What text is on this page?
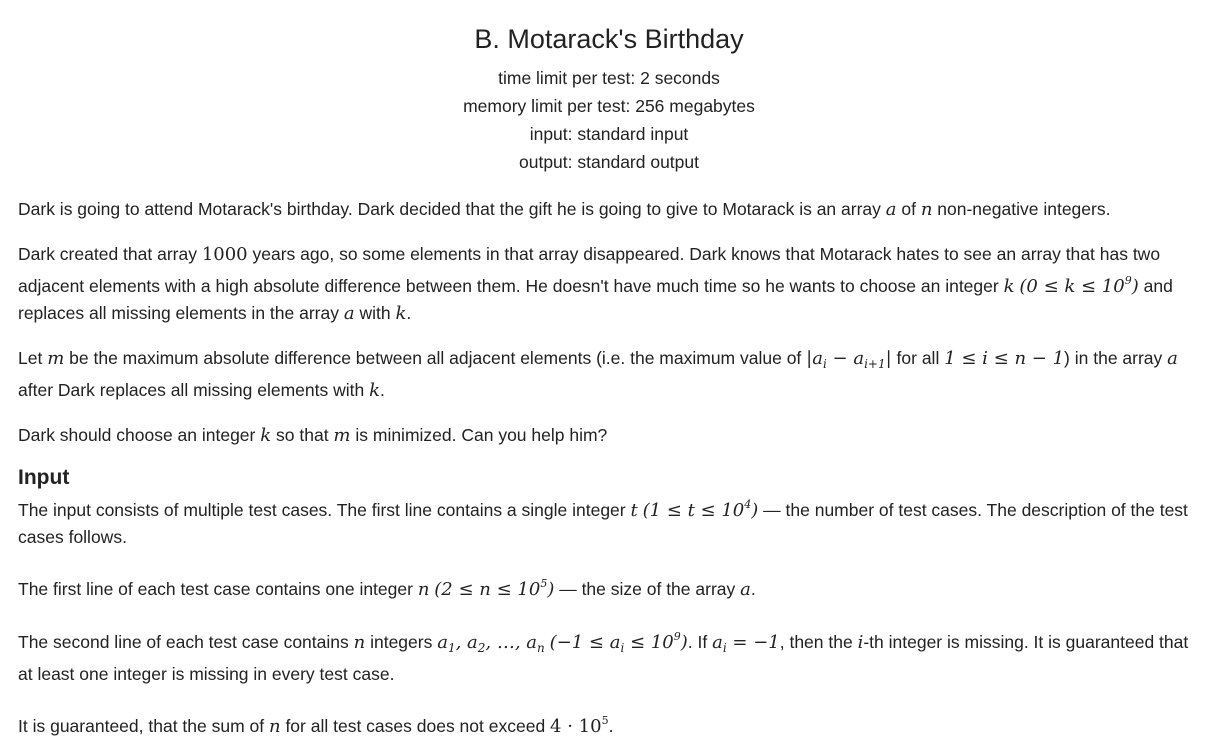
B. Motarack's Birthday
time limit per test: 2 seconds
memory limit per test: 256 megabytes
input: standard input
output: standard output

Dark is going to attend Motarack's birthday. Dark decided that the gift he is going to give to Motarack is an array a of n non-negative integers.

Dark created that array 1000 years ago, so some elements in that array disappeared. Dark knows that Motarack hates to see an array that has two adjacent elements with a high absolute difference between them. He doesn't have much time so he wants to choose an integer k $(0 \le k \le 10^9)$ and replaces all missing elements in the array a with k.

Let m be the maximum absolute difference between all adjacent elements (i.e. the maximum value of $|a_i - a_{i+1}|$ for all 1 ≤ i ≤ n − 1) in the array a after Dark replaces all missing elements with k.

Dark should choose an integer k so that m is minimized. Can you help him?

Input

The input consists of multiple test cases. The first line contains a single integer t $(1 \le t \le 10^4)$ — the number of test cases. The description of the test cases follows.

The first line of each test case contains one integer n $(2 \le n \le 10^5)$ — the size of the array a.

The second line of each test case contains n integers $a_1$, $a_2$, …, $a_n$ $(-1 \le a_i \le 10^9)$. If $a_i = -1$, then the i-th integer is missing. It is guaranteed that at least one integer is missing in every test case.

It is guaranteed, that the sum of n for all test cases does not exceed $4 \cdot 10^5$.
